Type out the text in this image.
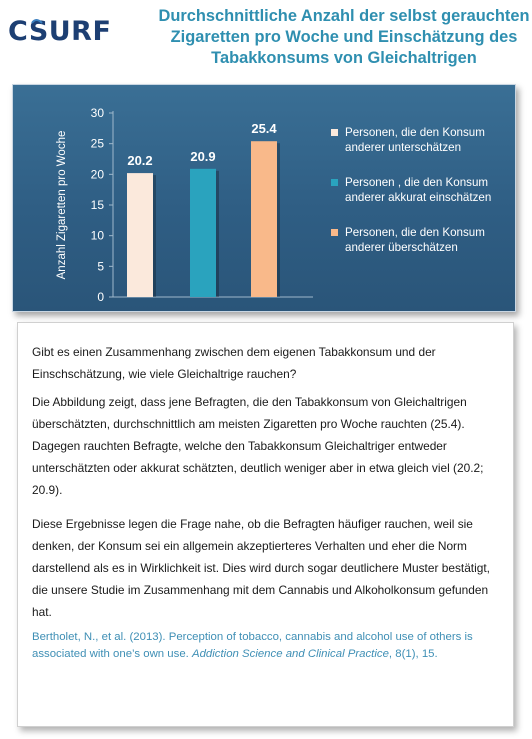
CSURF	Durchschnittliche Anzahl der selbst gerauchten
Zigaretten pro Woche und Einschätzung des
Tabakkonsums von Gleichaltrigen
0
5
10
15
20
25
30
Anzahl Zigaretten pro Woche	20.2	20.9
25.4	Personen, die den Konsum
anderer unterschätzen
Personen , die den Konsum
anderer akkurat einschätzen
Personen, die den Konsum
anderer überschätzen

Gibt es einen Zusammenhang zwischen dem eigenen Tabakkonsum und der Einschschätzung, wie viele Gleichaltrige rauchen?

Die Abbildung zeigt, dass jene Befragten, die den Tabakkonsum von Gleichaltrigen überschätzten, durchschnittlich am meisten Zigaretten pro Woche rauchten (25.4). Dagegen rauchten Befragte, welche den Tabakkonsum Gleichaltriger entweder unterschätzten oder akkurat schätzten, deutlich weniger aber in etwa gleich viel (20.2; 20.9).

Diese Ergebnisse legen die Frage nahe, ob die Befragten häufiger rauchen, weil sie denken, der Konsum sei ein allgemein akzeptierteres Verhalten und eher die Norm darstellend als es in Wirklichkeit ist. Dies wird durch sogar deutlichere Muster bestätigt, die unsere Studie im Zusammenhang mit dem Cannabis und Alkoholkonsum gefunden hat.

Bertholet, N., et al. (2013). Perception of tobacco, cannabis and alcohol use of others is associated with one’s own use. Addiction Science and Clinical Practice, 8(1), 15.
